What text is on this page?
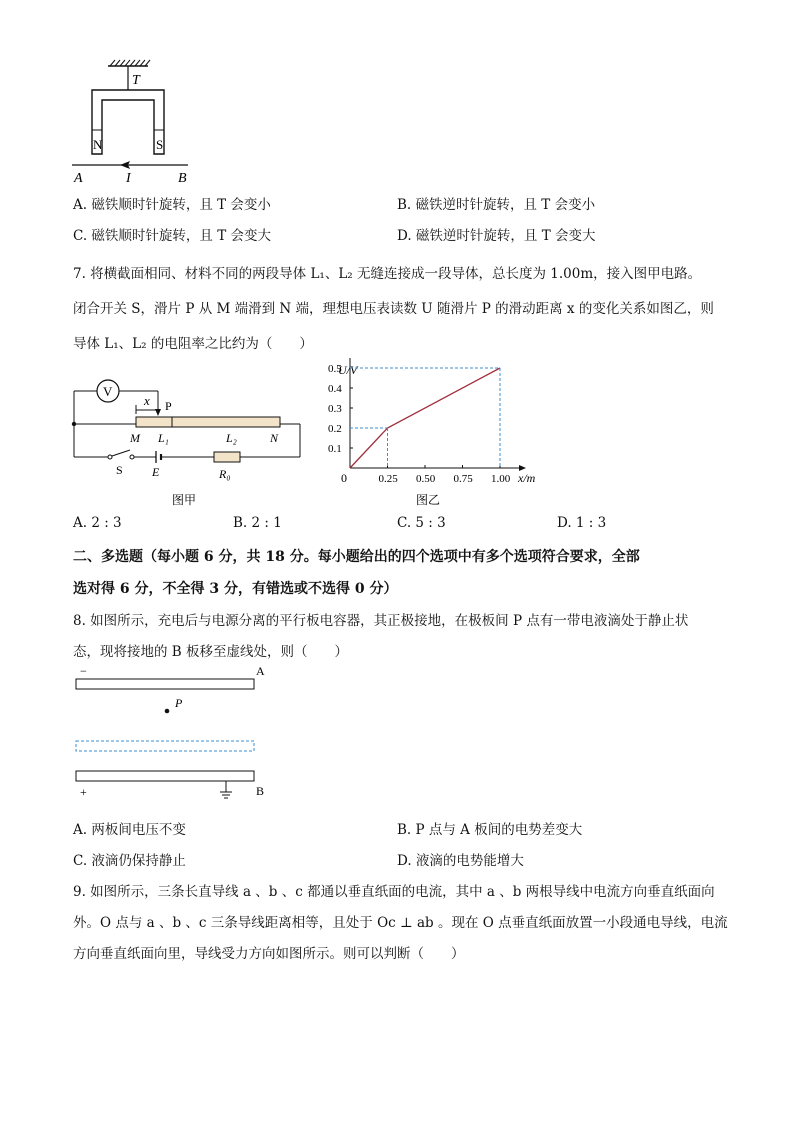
T
N	S
A	I	B
A. 磁铁顺时针旋转，且 T 会变小	B. 磁铁逆时针旋转，且 T 会变小
C. 磁铁顺时针旋转，且 T 会变大	D. 磁铁逆时针旋转，且 T 会变大
7. 将横截面相同、材料不同的两段导体 L₁、L₂ 无缝连接成一段导体，总长度为 1.00m，接入图甲电路。
闭合开关 S，滑片 P 从 M 端滑到 N 端，理想电压表读数 U 随滑片 P 的滑动距离 x 的变化关系如图乙，则
导体 L₁、L₂ 的电阻率之比约为（　　）
V
x P
M L₁	L₂	N
S E	R₀
图甲
U/V
x/m
0
图乙
0.25 0.50 0.75 1.00
0.1
0.2
0.3
0.4
0.5
A. 2 : 3	B. 2 : 1	C. 5 : 3	D. 1 : 3
二、多选题（每小题 6 分，共 18 分。每小题给出的四个选项中有多个选项符合要求，全部
选对得 6 分，不全得 3 分，有错选或不选得 0 分）
8. 如图所示，充电后与电源分离的平行板电容器，其正极接地，在极板间 P 点有一带电液滴处于静止状
态，现将接地的 B 板移至虚线处，则（　　）
−	A
P
+	B
A. 两板间电压不变	B. P 点与 A 板间的电势差变大
C. 液滴仍保持静止	D. 液滴的电势能增大
9. 如图所示，三条长直导线 a 、b 、c 都通以垂直纸面的电流，其中 a 、b 两根导线中电流方向垂直纸面向
外。O 点与 a 、b 、c 三条导线距离相等，且处于 Oc ⊥ ab 。现在 O 点垂直纸面放置一小段通电导线，电流
方向垂直纸面向里，导线受力方向如图所示。则可以判断（　　）
